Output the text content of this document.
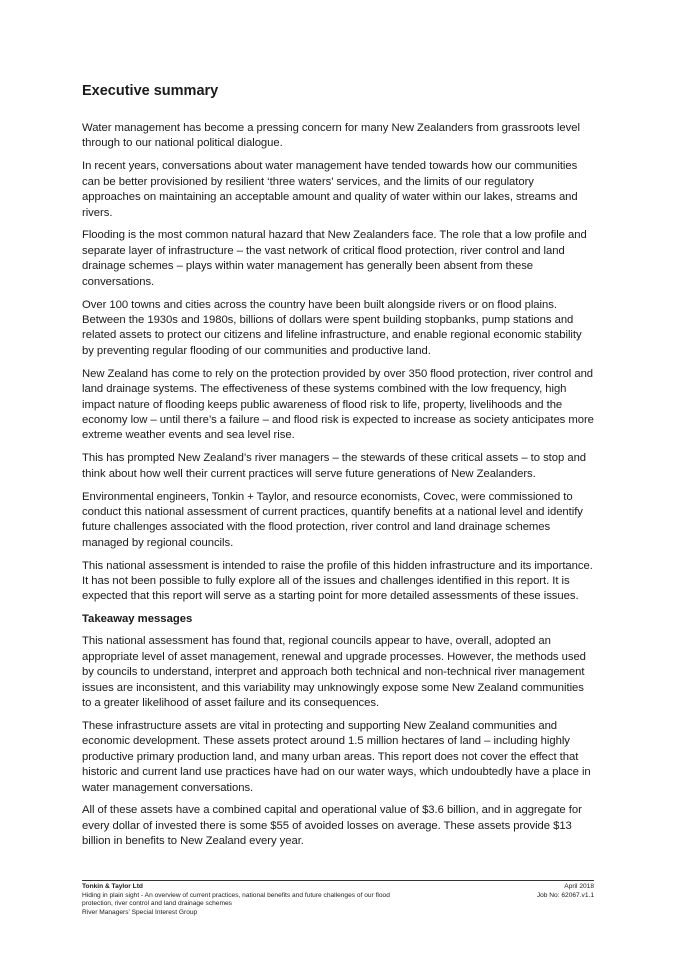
Executive summary

Water management has become a pressing concern for many New Zealanders from grassroots level through to our national political dialogue.

In recent years, conversations about water management have tended towards how our communities can be better provisioned by resilient ‘three waters’ services, and the limits of our regulatory approaches on maintaining an acceptable amount and quality of water within our lakes, streams and rivers.

Flooding is the most common natural hazard that New Zealanders face. The role that a low profile and separate layer of infrastructure – the vast network of critical flood protection, river control and land drainage schemes – plays within water management has generally been absent from these conversations.

Over 100 towns and cities across the country have been built alongside rivers or on flood plains. Between the 1930s and 1980s, billions of dollars were spent building stopbanks, pump stations and related assets to protect our citizens and lifeline infrastructure, and enable regional economic stability by preventing regular flooding of our communities and productive land.

New Zealand has come to rely on the protection provided by over 350 flood protection, river control and land drainage systems. The effectiveness of these systems combined with the low frequency, high impact nature of flooding keeps public awareness of flood risk to life, property, livelihoods and the economy low – until there’s a failure – and flood risk is expected to increase as society anticipates more extreme weather events and sea level rise.

This has prompted New Zealand’s river managers – the stewards of these critical assets – to stop and think about how well their current practices will serve future generations of New Zealanders.

Environmental engineers, Tonkin + Taylor, and resource economists, Covec, were commissioned to conduct this national assessment of current practices, quantify benefits at a national level and identify future challenges associated with the flood protection, river control and land drainage schemes managed by regional councils.

This national assessment is intended to raise the profile of this hidden infrastructure and its importance. It has not been possible to fully explore all of the issues and challenges identified in this report. It is expected that this report will serve as a starting point for more detailed assessments of these issues.

Takeaway messages

This national assessment has found that, regional councils appear to have, overall, adopted an appropriate level of asset management, renewal and upgrade processes. However, the methods used by councils to understand, interpret and approach both technical and non-technical river management issues are inconsistent, and this variability may unknowingly expose some New Zealand communities to a greater likelihood of asset failure and its consequences.

These infrastructure assets are vital in protecting and supporting New Zealand communities and economic development. These assets protect around 1.5 million hectares of land – including highly productive primary production land, and many urban areas. This report does not cover the effect that historic and current land use practices have had on our water ways, which undoubtedly have a place in water management conversations.

All of these assets have a combined capital and operational value of $3.6 billion, and in aggregate for every dollar of invested there is some $55 of avoided losses on average. These assets provide $13 billion in benefits to New Zealand every year.

Tonkin & Taylor Ltd
Hiding in plain sight - An overview of current practices, national benefits and future challenges of our flood
protection, river control and land drainage schemes
River Managers’ Special Interest Group
April 2018
Job No: 62067.v1.1
